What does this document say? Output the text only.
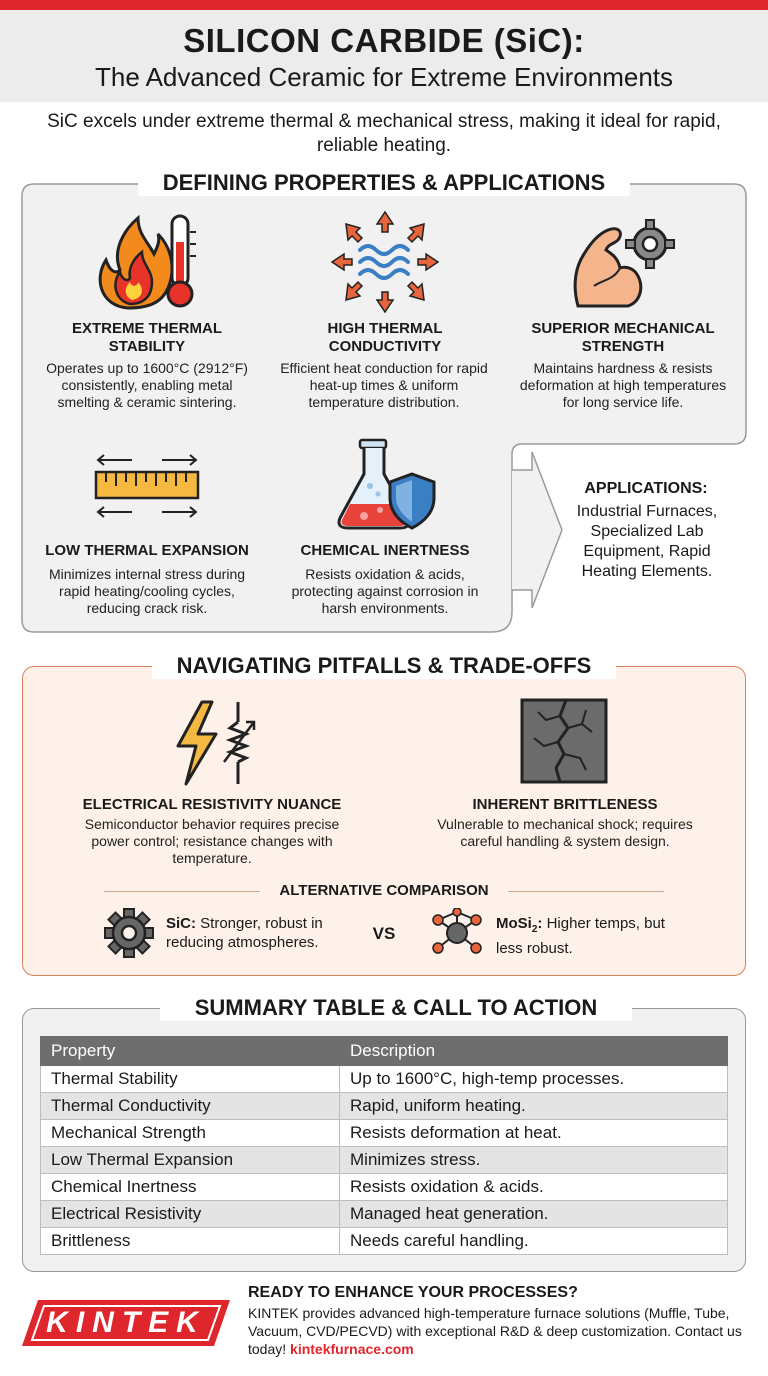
SILICON CARBIDE (SiC):
The Advanced Ceramic for Extreme Environments
SiC excels under extreme thermal & mechanical stress, making it ideal for rapid, reliable heating.
DEFINING PROPERTIES & APPLICATIONS
EXTREME THERMAL STABILITY
Operates up to 1600°C (2912°F) consistently, enabling metal smelting & ceramic sintering.
HIGH THERMAL CONDUCTIVITY
Efficient heat conduction for rapid heat-up times & uniform temperature distribution.
SUPERIOR MECHANICAL STRENGTH
Maintains hardness & resists deformation at high temperatures for long service life.
LOW THERMAL EXPANSION
Minimizes internal stress during rapid heating/cooling cycles, reducing crack risk.
CHEMICAL INERTNESS
Resists oxidation & acids, protecting against corrosion in harsh environments.
APPLICATIONS:
Industrial Furnaces, Specialized Lab Equipment, Rapid Heating Elements.
NAVIGATING PITFALLS & TRADE-OFFS
ELECTRICAL RESISTIVITY NUANCE
Semiconductor behavior requires precise power control; resistance changes with temperature.
INHERENT BRITTLENESS
Vulnerable to mechanical shock; requires careful handling & system design.
ALTERNATIVE COMPARISON
SiC: Stronger, robust in reducing atmospheres.	VS
MoSi$_2$: Higher temps, but less robust.
SUMMARY TABLE & CALL TO ACTION
Property	Description
Thermal Stability	Up to 1600°C, high-temp processes.
Thermal Conductivity	Rapid, uniform heating.
Mechanical Strength	Resists deformation at heat.
Low Thermal Expansion	Minimizes stress.
Chemical Inertness	Resists oxidation & acids.
Electrical Resistivity	Managed heat generation.
Brittleness	Needs careful handling.
KINTEK
READY TO ENHANCE YOUR PROCESSES?
KINTEK provides advanced high-temperature furnace solutions (Muffle, Tube, Vacuum, CVD/PECVD) with exceptional R&D & deep customization. Contact us today! kintekfurnace.com
